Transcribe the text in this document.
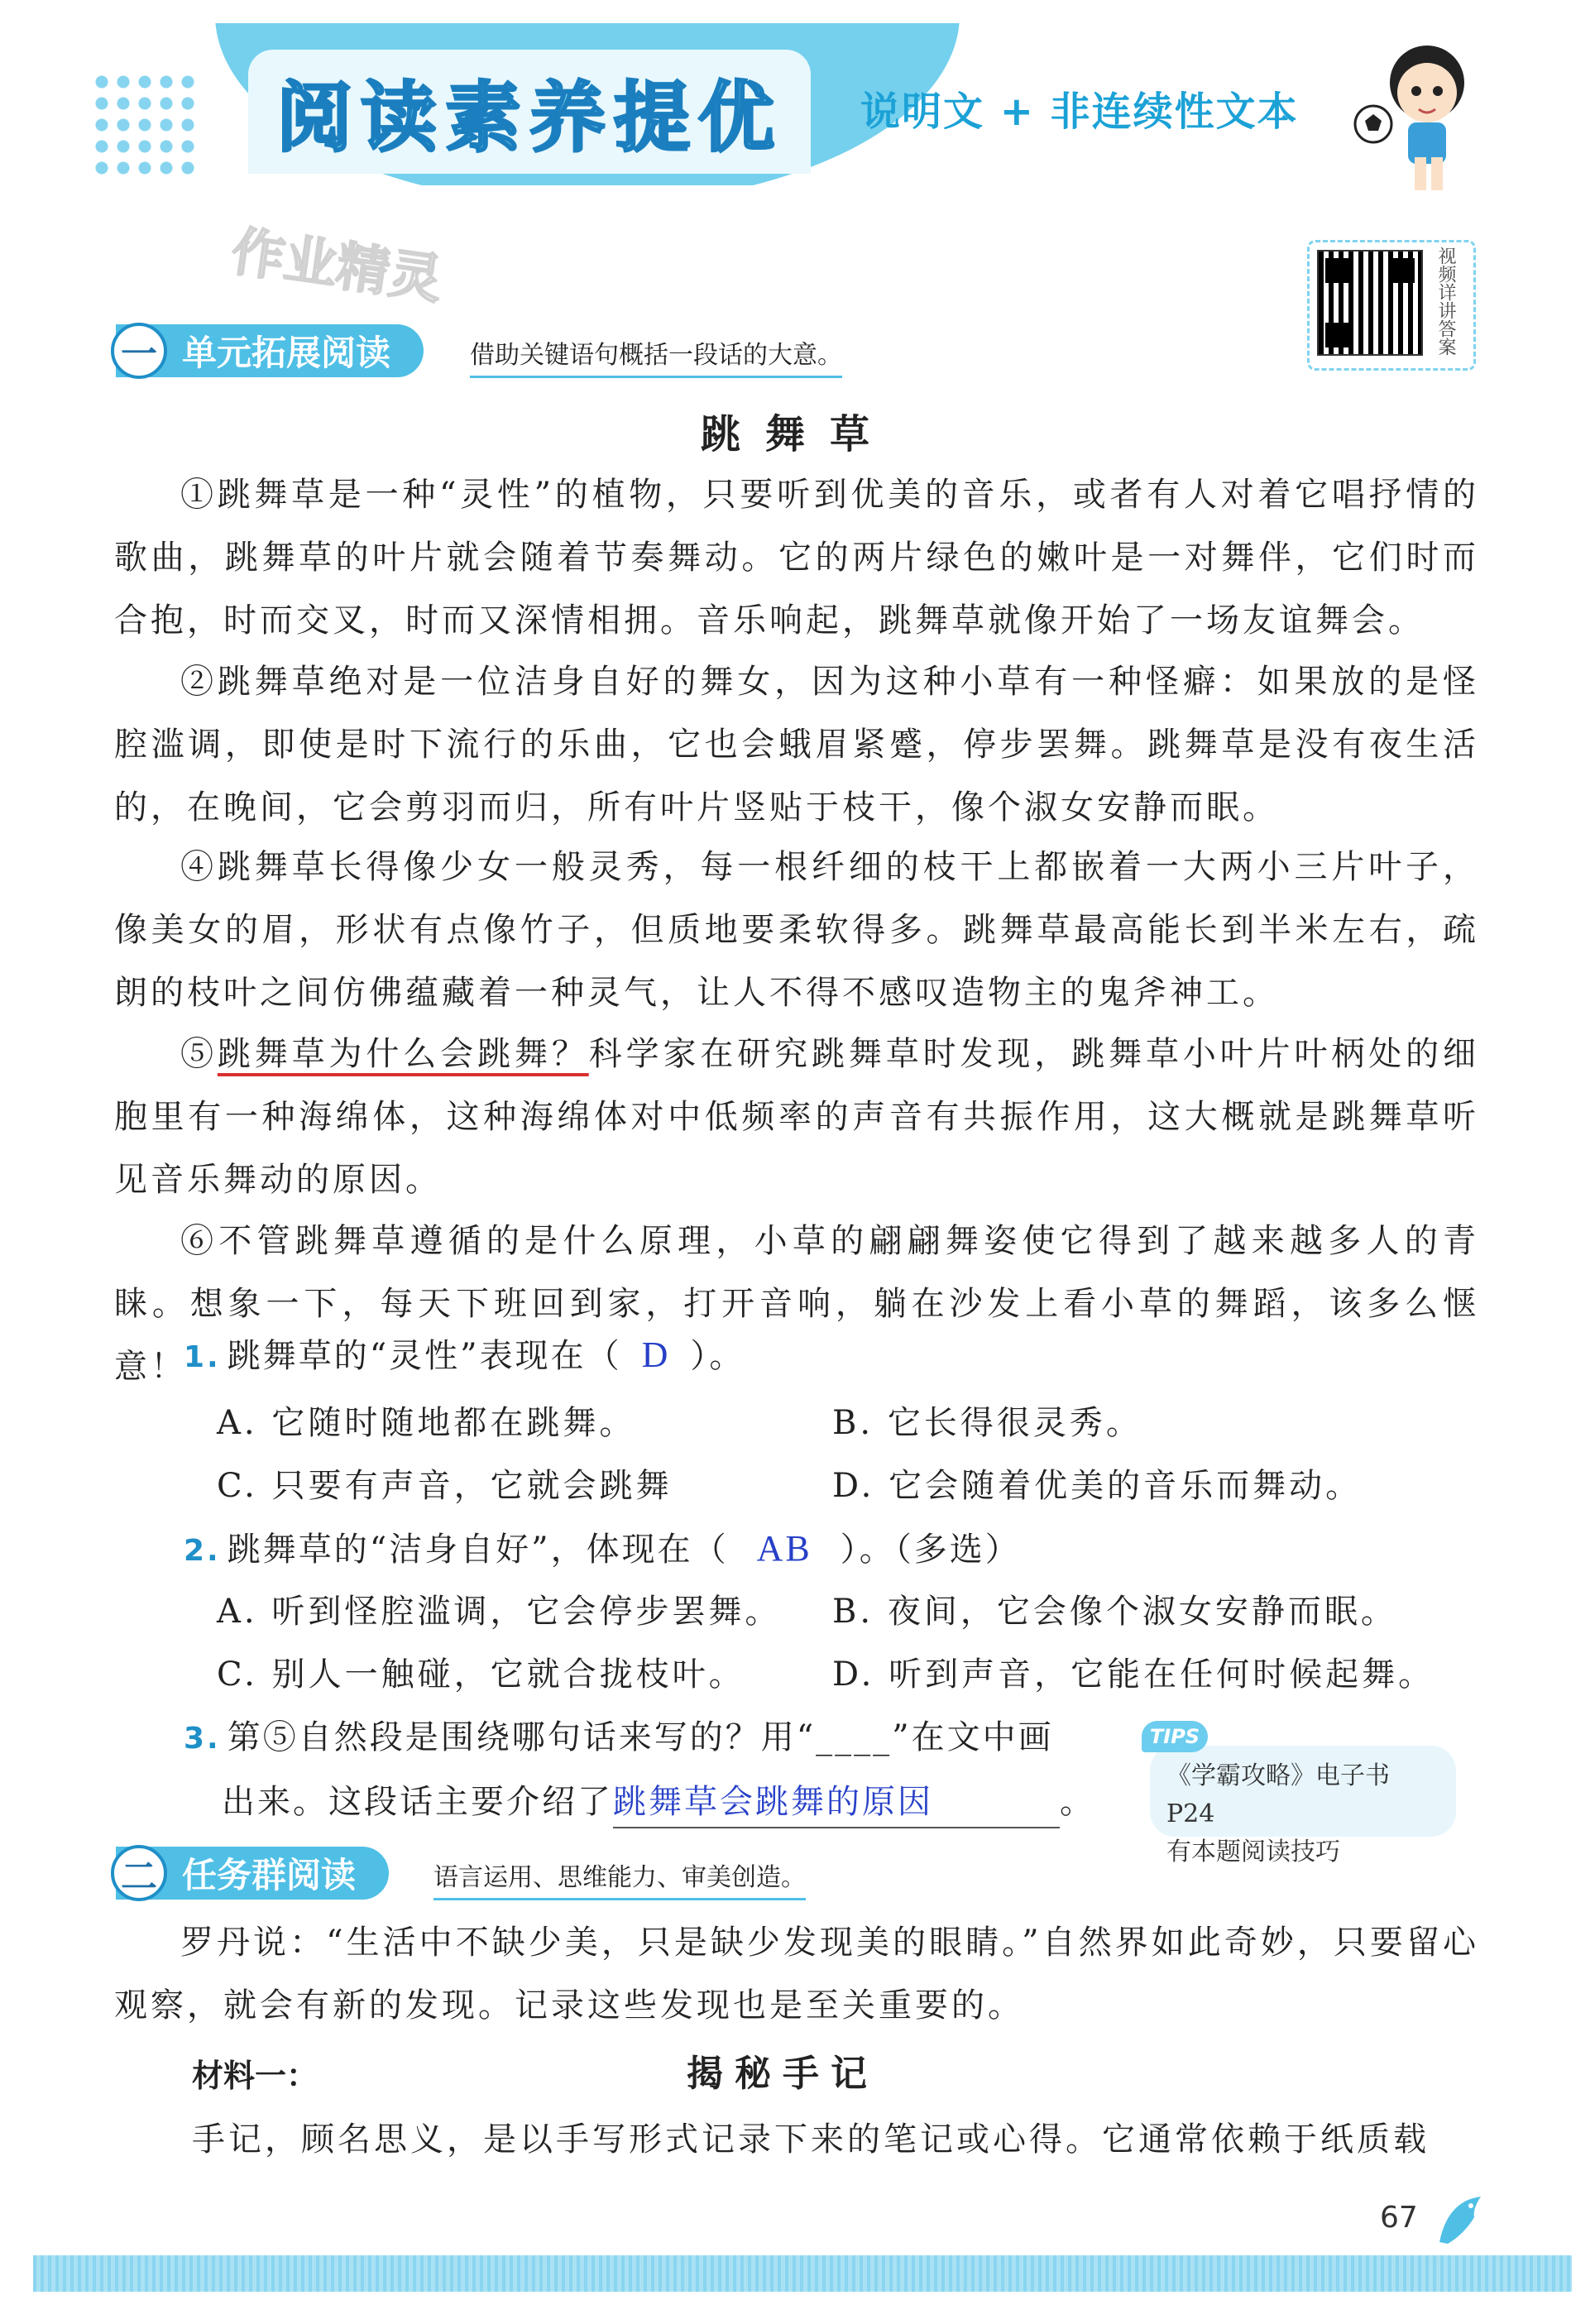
阅读素养提优 说明文 + 非连续性文本
作业精灵	视频详讲答案
一 单元拓展阅读	借助关键语句概括一段话的大意。
跳舞草
①跳舞草是一种“灵性”的植物，只要听到优美的音乐，或者有人对着它唱抒情的歌曲，跳舞草的叶片就会随着节奏舞动。它的两片绿色的嫩叶是一对舞伴，它们时而合抱，时而交叉，时而又深情相拥。音乐响起，跳舞草就像开始了一场友谊舞会。
②跳舞草绝对是一位洁身自好的舞女，因为这种小草有一种怪癖：如果放的是怪腔滥调，即使是时下流行的乐曲，它也会蛾眉紧蹙，停步罢舞。跳舞草是没有夜生活的，在晚间，它会剪羽而归，所有叶片竖贴于枝干，像个淑女安静而眠。
④跳舞草长得像少女一般灵秀，每一根纤细的枝干上都嵌着一大两小三片叶子，像美女的眉，形状有点像竹子，但质地要柔软得多。跳舞草最高能长到半米左右，疏朗的枝叶之间仿佛蕴藏着一种灵气，让人不得不感叹造物主的鬼斧神工。
⑤跳舞草为什么会跳舞？科学家在研究跳舞草时发现，跳舞草小叶片叶柄处的细胞里有一种海绵体，这种海绵体对中低频率的声音有共振作用，这大概就是跳舞草听见音乐舞动的原因。
⑥不管跳舞草遵循的是什么原理，小草的翩翩舞姿使它得到了越来越多人的青睐。想象一下，每天下班回到家，打开音响，躺在沙发上看小草的舞蹈，该多么惬意！
1. 跳舞草的“灵性”表现在（ D ）。
A. 它随时随地都在跳舞。	B. 它长得很灵秀。
C. 只要有声音，它就会跳舞	D. 它会随着优美的音乐而舞动。
2. 跳舞草的“洁身自好”，体现在（ AB ）。（多选）
A. 听到怪腔滥调，它会停步罢舞。 B. 夜间，它会像个淑女安静而眠。
C. 别人一触碰，它就合拢枝叶。	D. 听到声音，它能在任何时候起舞。
3. 第⑤自然段是围绕哪句话来写的？用“____”在文中画
出来。这段话主要介绍了跳舞草会跳舞的原因	。
TIPS
《学霸攻略》电子书 P24
有本题阅读技巧
二 任务群阅读	语言运用、思维能力、审美创造。
罗丹说：“生活中不缺少美，只是缺少发现美的眼睛。”自然界如此奇妙，只要留心观察，就会有新的发现。记录这些发现也是至关重要的。
材料一：	揭秘手记
手记，顾名思义，是以手写形式记录下来的笔记或心得。它通常依赖于纸质载
67
